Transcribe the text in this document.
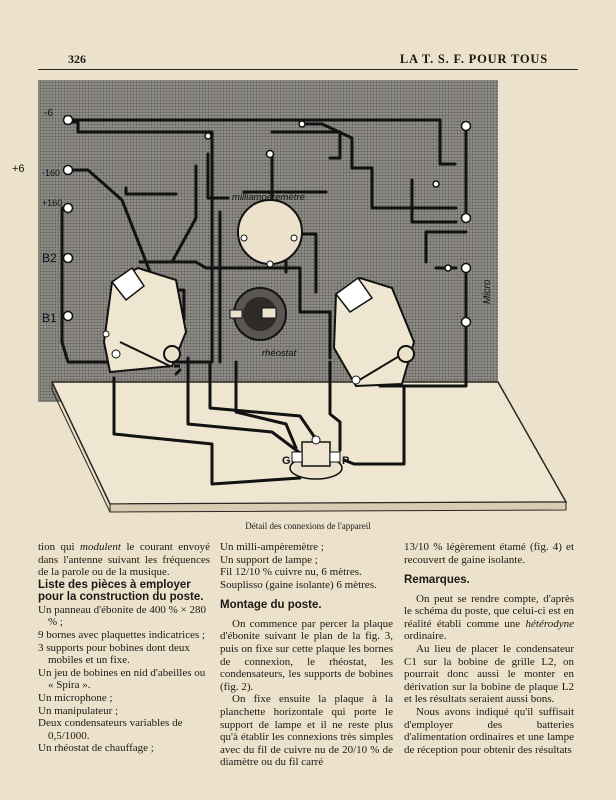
326	LA T. S. F. POUR TOUS
-6
+6 -160
+160
B2
B1
milliampèremètre
rhéostat
Micro
G	P
Détail des connexions de l'appareil

tion qui modulent le courant envoyé dans l'antenne suivant les fréquences de la parole ou de la musique.

Liste des pièces à employer pour la construction du poste.

Un panneau d'ébonite de 400 % × 280 % ;

9 bornes avec plaquettes indicatrices ;

3 supports pour bobines dont deux mobiles et un fixe.

Un jeu de bobines en nid d'abeilles ou « Spira ».

Un microphone ;

Un manipulateur ;

Deux condensateurs variables de 0,5/1000.

Un rhéostat de chauffage ;

Un milli-ampèremètre ;

Un support de lampe ;

Fil 12/10 % cuivre nu, 6 mètres.

Souplisso (gaine isolante) 6 mètres.

Montage du poste.

On commence par percer la plaque d'ébonite suivant le plan de la fig. 3, puis on fixe sur cette plaque les bornes de connexion, le rhéostat, les condensateurs, les supports de bobines (fig. 2).

On fixe ensuite la plaque à la planchette horizontale qui porte le support de lampe et il ne reste plus qu'à établir les connexions très simples avec du fil de cuivre nu de 20/10 % de diamètre ou du fil carré

13/10 % légèrement étamé (fig. 4) et recouvert de gaine isolante.

Remarques.

On peut se rendre compte, d'après le schéma du poste, que celui-ci est en réalité établi comme une hétérodyne ordinaire.

Au lieu de placer le condensateur C1 sur la bobine de grille L2, on pourrait donc aussi le monter en dérivation sur la bobine de plaque L2 et les résultats seraient aussi bons.

Nous avons indiqué qu'il suffisait d'employer des batteries d'alimentation ordinaires et une lampe de réception pour obtenir des résultats
